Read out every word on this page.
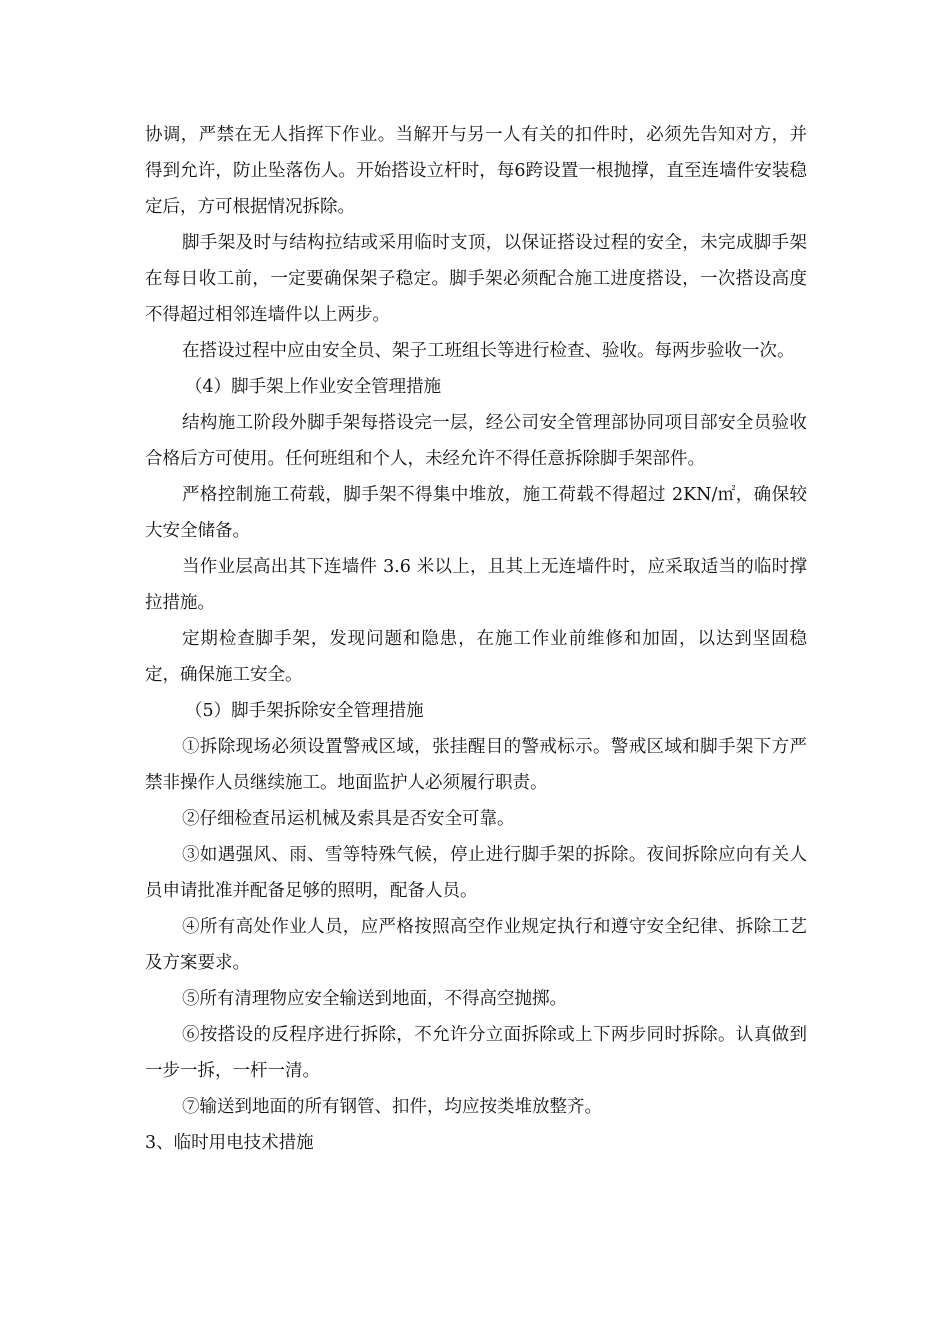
协调，严禁在无人指挥下作业。当解开与另一人有关的扣件时，必须先告知对方，并得到允许，防止坠落伤人。开始搭设立杆时，每6跨设置一根抛撑，直至连墙件安装稳定后，方可根据情况拆除。

脚手架及时与结构拉结或采用临时支顶，以保证搭设过程的安全，未完成脚手架在每日收工前，一定要确保架子稳定。脚手架必须配合施工进度搭设，一次搭设高度不得超过相邻连墙件以上两步。

在搭设过程中应由安全员、架子工班组长等进行检查、验收。每两步验收一次。

（4）脚手架上作业安全管理措施

结构施工阶段外脚手架每搭设完一层，经公司安全管理部协同项目部安全员验收合格后方可使用。任何班组和个人，未经允许不得任意拆除脚手架部件。

严格控制施工荷载，脚手架不得集中堆放，施工荷载不得超过 2KN/㎡，确保较大安全储备。

当作业层高出其下连墙件 3.6 米以上，且其上无连墙件时，应采取适当的临时撑拉措施。

定期检查脚手架，发现问题和隐患，在施工作业前维修和加固，以达到坚固稳定，确保施工安全。

（5）脚手架拆除安全管理措施

①拆除现场必须设置警戒区域，张挂醒目的警戒标示。警戒区域和脚手架下方严禁非操作人员继续施工。地面监护人必须履行职责。

②仔细检查吊运机械及索具是否安全可靠。

③如遇强风、雨、雪等特殊气候，停止进行脚手架的拆除。夜间拆除应向有关人员申请批准并配备足够的照明，配备人员。

④所有高处作业人员，应严格按照高空作业规定执行和遵守安全纪律、拆除工艺及方案要求。

⑤所有清理物应安全输送到地面，不得高空抛掷。

⑥按搭设的反程序进行拆除，不允许分立面拆除或上下两步同时拆除。认真做到一步一拆，一杆一清。

⑦输送到地面的所有钢管、扣件，均应按类堆放整齐。

3、临时用电技术措施
